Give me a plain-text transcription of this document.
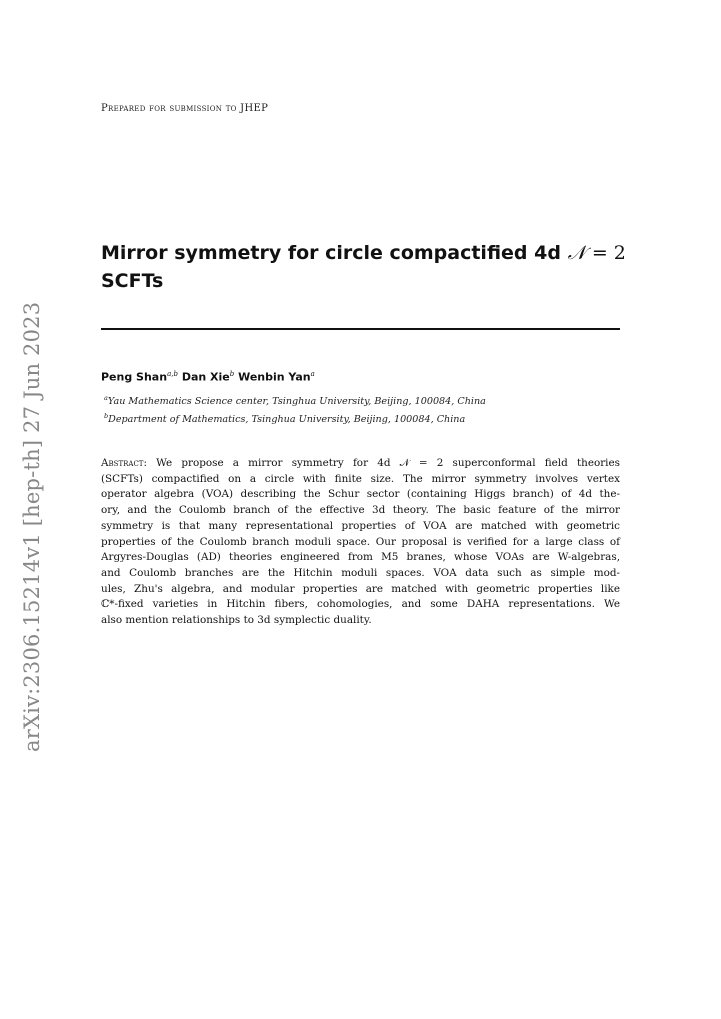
Prepared for submission to JHEP
Mirror symmetry for circle compactified 4d 𝒩 = 2
SCFTs
Peng Shan$^{a,b}$ Dan Xie$^b$ Wenbin Yan$^a$
$^a$Yau Mathematics Science center, Tsinghua University, Beijing, 100084, China
$^b$Department of Mathematics, Tsinghua University, Beijing, 100084, China
Abstract: We propose a mirror symmetry for 4d 𝒩 = 2 superconformal field theories
(SCFTs) compactified on a circle with finite size. The mirror symmetry involves vertex
operator algebra (VOA) describing the Schur sector (containing Higgs branch) of 4d the-
ory, and the Coulomb branch of the effective 3d theory. The basic feature of the mirror
symmetry is that many representational properties of VOA are matched with geometric
properties of the Coulomb branch moduli space. Our proposal is verified for a large class of
Argyres-Douglas (AD) theories engineered from M5 branes, whose VOAs are W-algebras,
and Coulomb branches are the Hitchin moduli spaces. VOA data such as simple mod-
ules, Zhu's algebra, and modular properties are matched with geometric properties like
ℂ*-fixed varieties in Hitchin fibers, cohomologies, and some DAHA representations. We
also mention relationships to 3d symplectic duality.
arXiv:2306.15214v1 [hep-th] 27 Jun 2023
